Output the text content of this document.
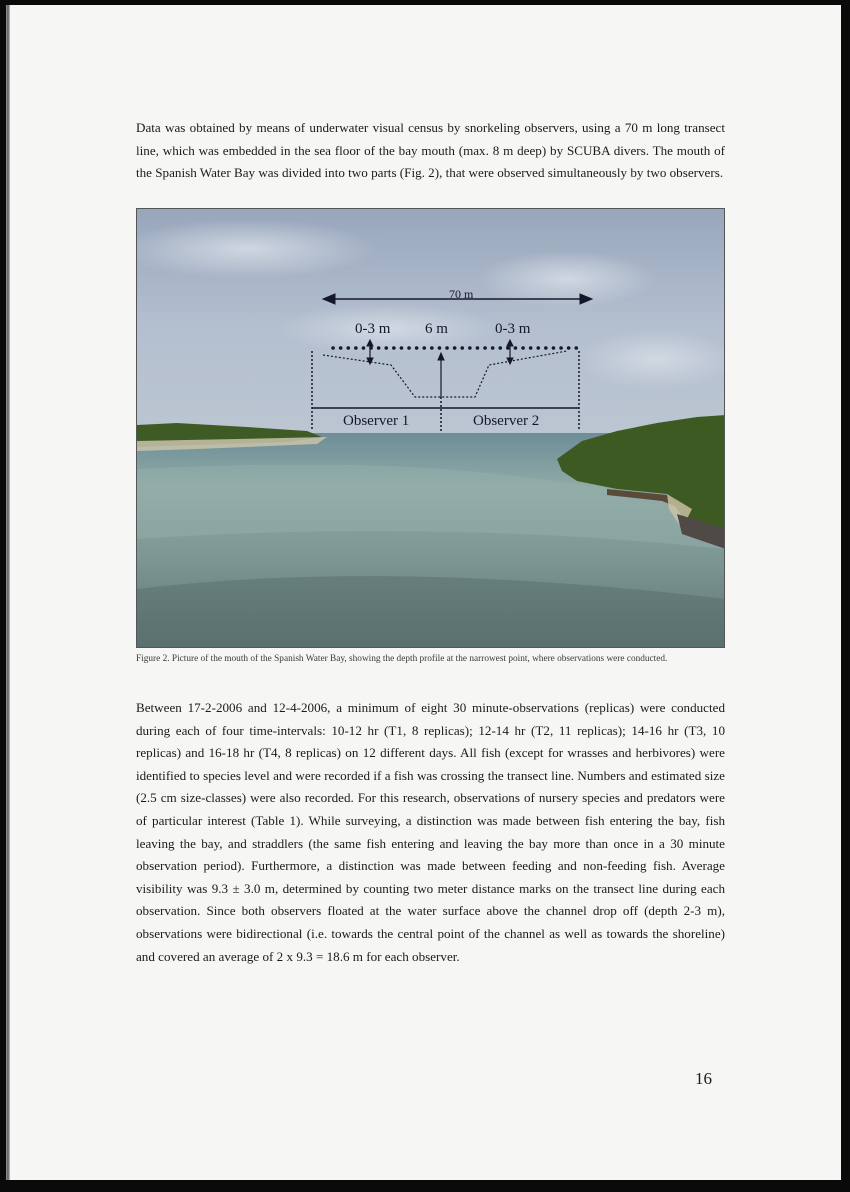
Data was obtained by means of underwater visual census by snorkeling observers, using a 70 m long transect line, which was embedded in the sea floor of the bay mouth (max. 8 m deep) by SCUBA divers. The mouth of the Spanish Water Bay was divided into two parts (Fig. 2), that were observed simultaneously by two observers.

70 m
0-3 m 6 m	0-3 m
Observer 1	Observer 2
Figure 2. Picture of the mouth of the Spanish Water Bay, showing the depth profile at the narrowest point, where observations were conducted.

Between 17-2-2006 and 12-4-2006, a minimum of eight 30 minute-observations (replicas) were conducted during each of four time-intervals: 10-12 hr (T1, 8 replicas); 12-14 hr (T2, 11 replicas); 14-16 hr (T3, 10 replicas) and 16-18 hr (T4, 8 replicas) on 12 different days. All fish (except for wrasses and herbivores) were identified to species level and were recorded if a fish was crossing the transect line. Numbers and estimated size (2.5 cm size-classes) were also recorded. For this research, observations of nursery species and predators were of particular interest (Table 1). While surveying, a distinction was made between fish entering the bay, fish leaving the bay, and straddlers (the same fish entering and leaving the bay more than once in a 30 minute observation period). Furthermore, a distinction was made between feeding and non-feeding fish. Average visibility was 9.3 ± 3.0 m, determined by counting two meter distance marks on the transect line during each observation. Since both observers floated at the water surface above the channel drop off (depth 2-3 m), observations were bidirectional (i.e. towards the central point of the channel as well as towards the shoreline) and covered an average of 2 x 9.3 = 18.6 m for each observer.

16
